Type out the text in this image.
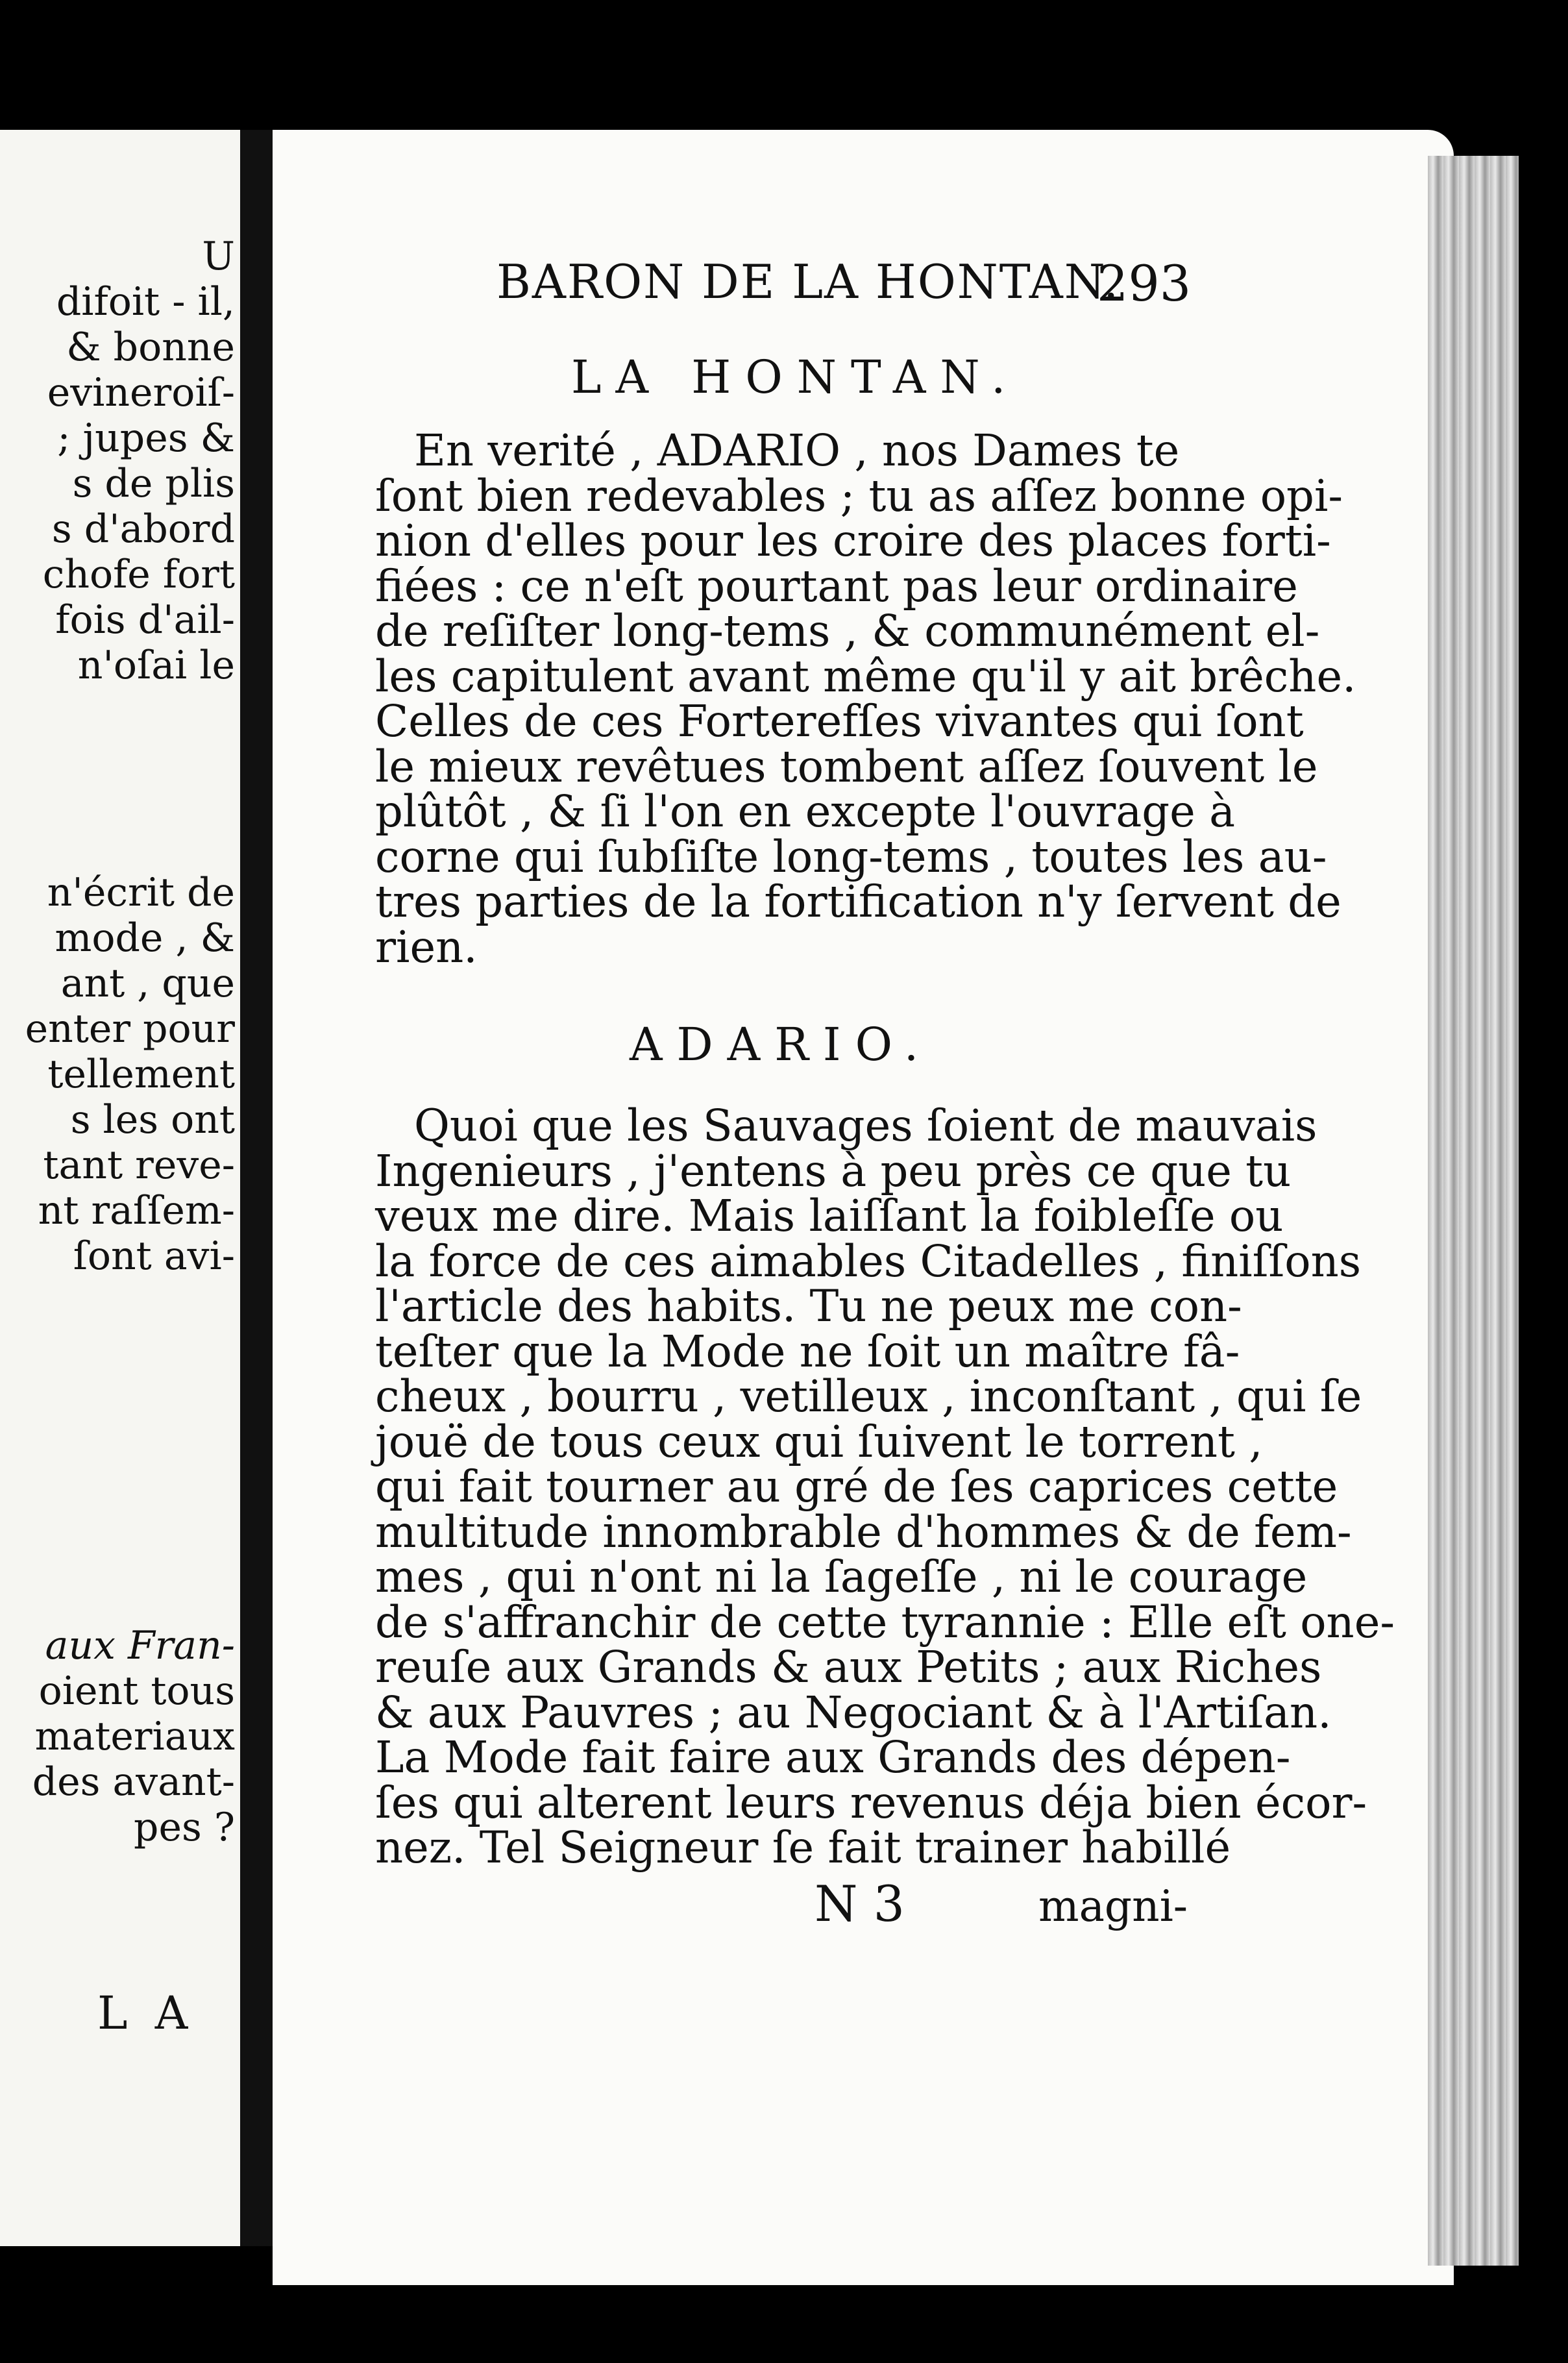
L A
U
difoit - il,
& bonne
evineroiſ-
; jupes &
s de plis
s d'abord
chofe fort
fois d'ail-
n'oſai le
n'écrit de
mode , &
ant , que
enter pour
tellement
s les ont
tant reve-
nt raſſem-
ſont avi-
aux Fran-
oient tous
materiaux
des avant-
pes ?
BARON DE LA HONTAN.
293
LA HONTAN.
En verité , ADARIO , nos Dames te
ſont bien redevables ; tu as aſſez bonne opi-
nion d'elles pour les croire des places forti-
fiées : ce n'eſt pourtant pas leur ordinaire
de reſiſter long-tems , & communément el-
les capitulent avant même qu'il y ait brêche.
Celles de ces Forterefſes vivantes qui ſont
le mieux revêtues tombent aſſez ſouvent le
plûtôt , & ſi l'on en excepte l'ouvrage à
corne qui ſubſiſte long-tems , toutes les au-
tres parties de la fortification n'y ſervent de
rien.
ADARIO.
Quoi que les Sauvages ſoient de mauvais
Ingenieurs , j'entens à peu près ce que tu
veux me dire. Mais laiſſant la foibleſſe ou
la force de ces aimables Citadelles , finiſſons
l'article des habits. Tu ne peux me con-
teſter que la Mode ne ſoit un maître fâ-
cheux , bourru , vetilleux , inconſtant , qui ſe
jouë de tous ceux qui ſuivent le torrent ,
qui fait tourner au gré de ſes caprices cette
multitude innombrable d'hommes & de fem-
mes , qui n'ont ni la ſageſſe , ni le courage
de s'affranchir de cette tyrannie : Elle eſt one-
reuſe aux Grands & aux Petits ; aux Riches
& aux Pauvres ; au Negociant & à l'Artiſan.
La Mode fait faire aux Grands des dépen-
ſes qui alterent leurs revenus déja bien écor-
nez. Tel Seigneur ſe fait trainer habillé
N 3	magni-
